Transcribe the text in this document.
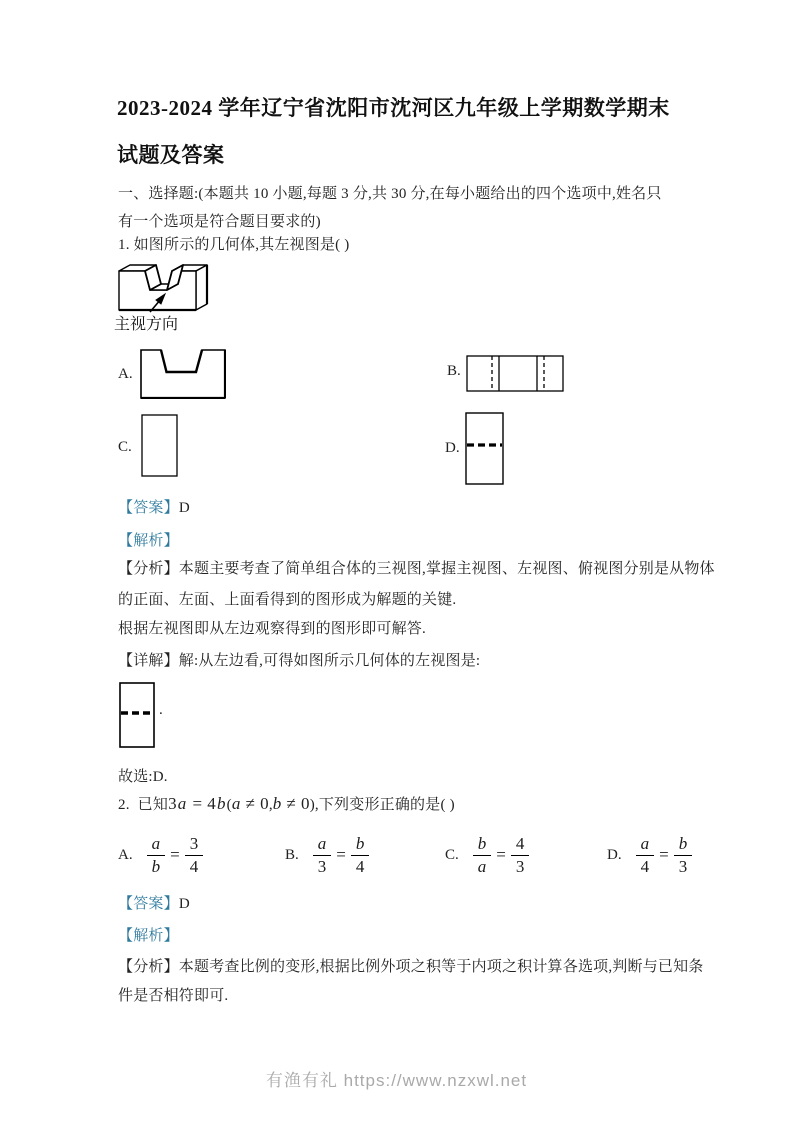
2023-2024 学年辽宁省沈阳市沈河区九年级上学期数学期末
试题及答案
一、选择题:(本题共 10 小题,每题 3 分,共 30 分,在每小题给出的四个选项中,姓名只
有一个选项是符合题目要求的)
1. 如图所示的几何体,其左视图是( )
主视方向
A.	B.
C.	D.
【答案】D
【解析】
【分析】本题主要考查了简单组合体的三视图,掌握主视图、左视图、俯视图分别是从物体
的正面、左面、上面看得到的图形成为解题的关键.
根据左视图即从左边观察得到的图形即可解答.
【详解】解:从左边看,可得如图所示几何体的左视图是:
.
故选:D.
2. 已知3a = 4b(a ≠ 0,b ≠ 0),下列变形正确的是( )
A. $\frac{a}{b} = \frac{3}{4}$	B. $\frac{a}{3} = \frac{b}{4}$	C. $\frac{b}{a} = \frac{4}{3}$	D. $\frac{a}{4} = \frac{b}{3}$
【答案】D
【解析】
【分析】本题考查比例的变形,根据比例外项之积等于内项之积计算各选项,判断与已知条
件是否相符即可.
有渔有礼 https://www.nzxwl.net
